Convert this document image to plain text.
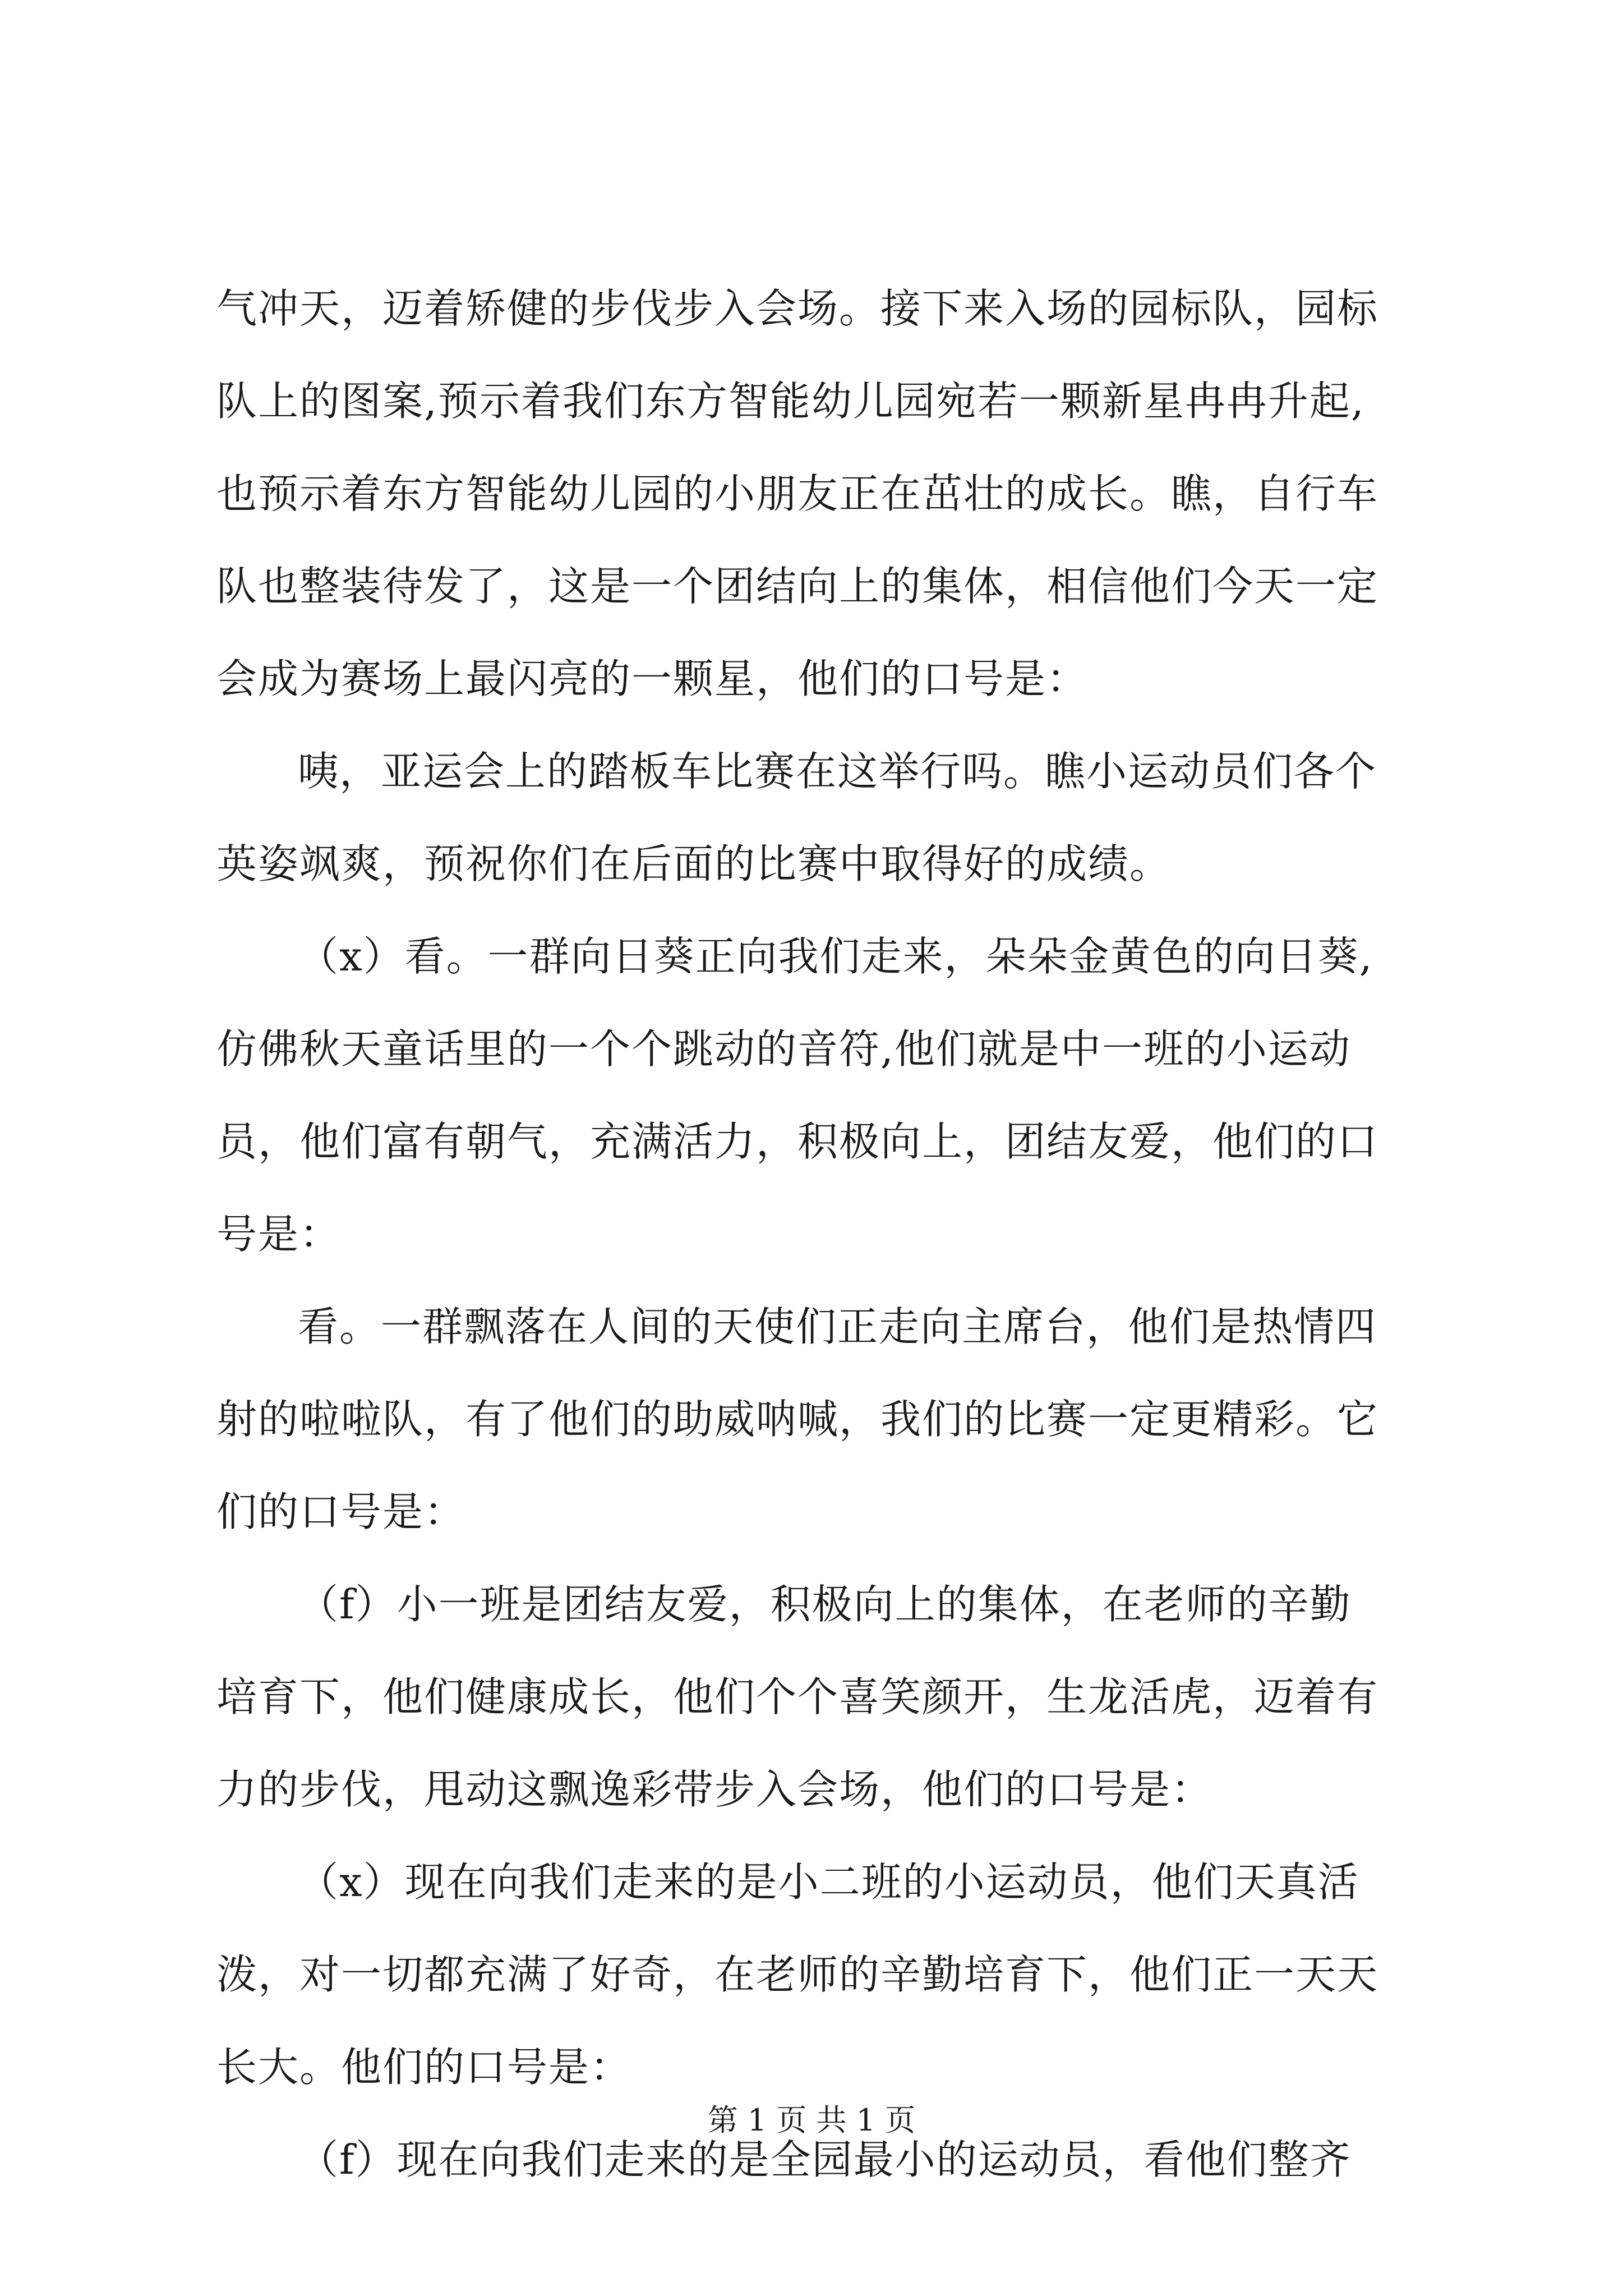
气冲天，迈着矫健的步伐步入会场。接下来入场的园标队，园标
队上的图案,预示着我们东方智能幼儿园宛若一颗新星冉冉升起,
也预示着东方智能幼儿园的小朋友正在茁壮的成长。瞧，自行车
队也整装待发了，这是一个团结向上的集体，相信他们今天一定
会成为赛场上最闪亮的一颗星，他们的口号是：
咦，亚运会上的踏板车比赛在这举行吗。瞧小运动员们各个
英姿飒爽，预祝你们在后面的比赛中取得好的成绩。
（x）看。一群向日葵正向我们走来，朵朵金黄色的向日葵,
仿佛秋天童话里的一个个跳动的音符,他们就是中一班的小运动
员，他们富有朝气，充满活力，积极向上，团结友爱，他们的口
号是：
看。一群飘落在人间的天使们正走向主席台，他们是热情四
射的啦啦队，有了他们的助威呐喊，我们的比赛一定更精彩。它
们的口号是：
（f）小一班是团结友爱，积极向上的集体，在老师的辛勤
培育下，他们健康成长，他们个个喜笑颜开，生龙活虎，迈着有
力的步伐，甩动这飘逸彩带步入会场，他们的口号是：
（x）现在向我们走来的是小二班的小运动员，他们天真活
泼，对一切都充满了好奇，在老师的辛勤培育下，他们正一天天
长大。他们的口号是：
（f）现在向我们走来的是全园最小的运动员，看他们整齐
第 1 页 共 1 页
